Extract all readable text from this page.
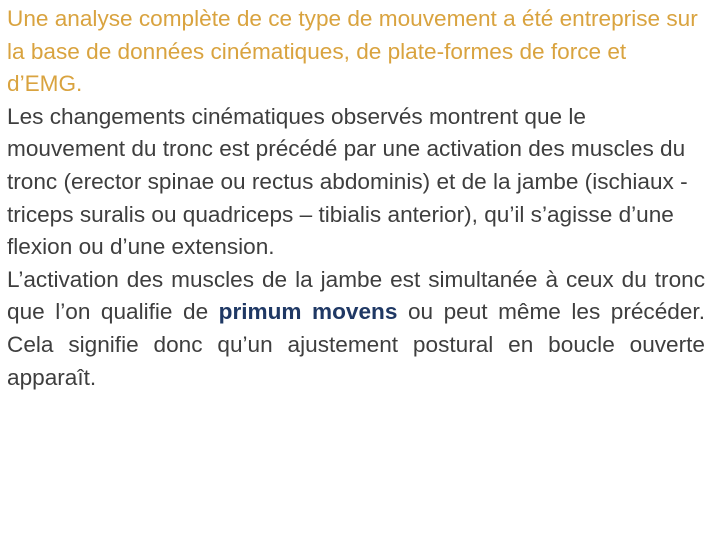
Une analyse complète de ce type de mouvement a été entreprise sur la base de données cinématiques, de plate-formes de force et d’EMG.

Les changements cinématiques observés montrent que le mouvement du tronc est précédé par une activation des muscles du tronc (erector spinae ou rectus abdominis) et de la jambe (ischiaux - triceps suralis ou quadriceps – tibialis anterior), qu’il s’agisse d’une flexion ou d’une extension.

L’activation des muscles de la jambe est simultanée à ceux du tronc que l’on qualifie de primum movens ou peut même les précéder. Cela signifie donc qu’un ajustement postural en boucle ouverte apparaît.
